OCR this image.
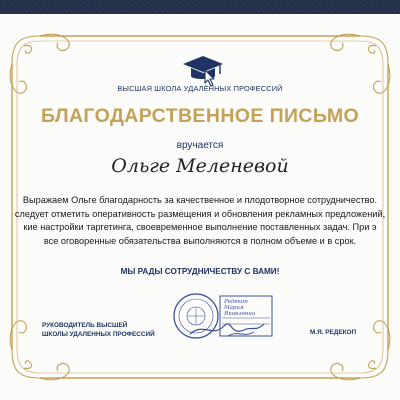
ВЫСШАЯ ШКОЛА УДАЛЁННЫХ ПРОФЕССИЙ
БЛАГОДАРСТВЕННОЕ ПИСЬМО
вручается
Ольге Меленевой
Выражаем Ольге благодарность за качественное и плодотворное сотрудничество.
следует отметить оперативность размещения и обновления рекламных предложений,
кие настройки таргетинга, своевременное выполнение поставленных задач. При э
все оговоренные обязательства выполняются в полном объеме и в срок.
МЫ РАДЫ СОТРУДНИЧЕСТВУ С ВАМИ!
РУКОВОДИТЕЛЬ ВЫСШЕЙ
ШКОЛЫ УДАЛЕННЫХ ПРОФЕССИЙ
Редекоп
Мария
Яковлевна
М.Я. РЕДЕКОП
